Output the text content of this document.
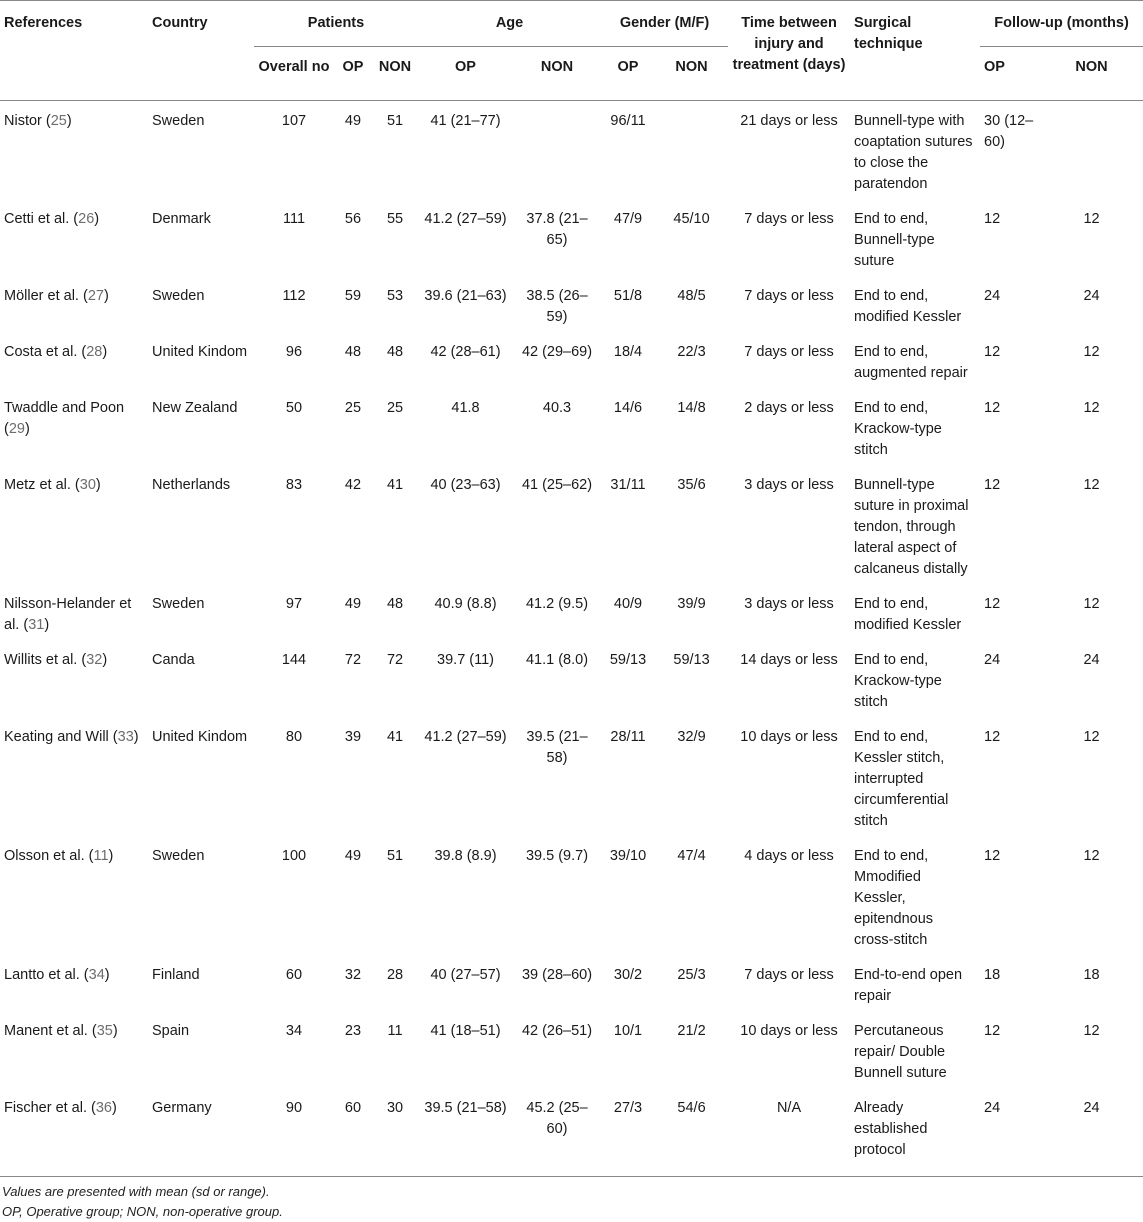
References	Country	Patients			Age		Gender (M/F)		Time between injury and treatment (days)	Surgical technique	Follow-up (months)	
		Overall no	OP	NON	OP	NON	OP	NON			OP	NON

Nistor (25)	Sweden	107	49	51	41 (21–77)		96/11		21 days or less	Bunnell-type with coaptation sutures to close the paratendon	30 (12–60)	
Cetti et al. (26)	Denmark	111	56	55	41.2 (27–59)	37.8 (21–65)	47/9	45/10	7 days or less	End to end, Bunnell-type suture	12	12
Möller et al. (27)	Sweden	112	59	53	39.6 (21–63)	38.5 (26–59)	51/8	48/5	7 days or less	End to end, modified Kessler	24	24
Costa et al. (28)	United Kindom	96	48	48	42 (28–61)	42 (29–69)	18/4	22/3	7 days or less	End to end, augmented repair	12	12
Twaddle and Poon (29)	New Zealand	50	25	25	41.8	40.3	14/6	14/8	2 days or less	End to end, Krackow-type stitch	12	12
Metz et al. (30)	Netherlands	83	42	41	40 (23–63)	41 (25–62)	31/11	35/6	3 days or less	Bunnell-type suture in proximal tendon, through lateral aspect of calcaneus distally	12	12
Nilsson-Helander et al. (31)	Sweden	97	49	48	40.9 (8.8)	41.2 (9.5)	40/9	39/9	3 days or less	End to end, modified Kessler	12	12
Willits et al. (32)	Canda	144	72	72	39.7 (11)	41.1 (8.0)	59/13	59/13	14 days or less	End to end, Krackow-type stitch	24	24
Keating and Will (33)	United Kindom	80	39	41	41.2 (27–59)	39.5 (21–58)	28/11	32/9	10 days or less	End to end, Kessler stitch, interrupted circumferential stitch	12	12
Olsson et al. (11)	Sweden	100	49	51	39.8 (8.9)	39.5 (9.7)	39/10	47/4	4 days or less	End to end, Mmodified Kessler, epitendnous cross-stitch	12	12
Lantto et al. (34)	Finland	60	32	28	40 (27–57)	39 (28–60)	30/2	25/3	7 days or less	End-to-end open repair	18	18
Manent et al. (35)	Spain	34	23	11	41 (18–51)	42 (26–51)	10/1	21/2	10 days or less	Percutaneous repair/ Double Bunnell suture	12	12
Fischer et al. (36)	Germany	90	60	30	39.5 (21–58)	45.2 (25–60)	27/3	54/6	N/A	Already established protocol	24	24
Values are presented with mean (sd or range).
OP, Operative group; NON, non-operative group.
